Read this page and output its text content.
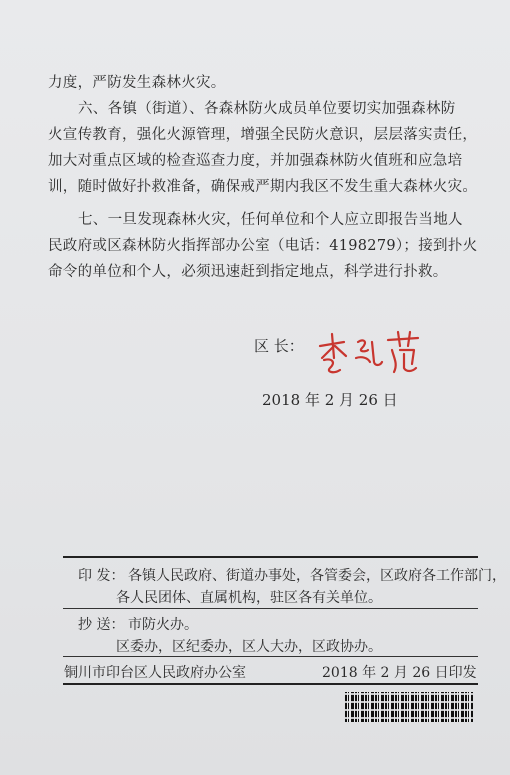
力度，严防发生森林火灾。
六、各镇（街道）、各森林防火成员单位要切实加强森林防
火宣传教育，强化火源管理，增强全民防火意识，层层落实责任，
加大对重点区域的检查巡查力度，并加强森林防火值班和应急培
训，随时做好扑救准备，确保戒严期内我区不发生重大森林火灾。
七、一旦发现森林火灾，任何单位和个人应立即报告当地人
民政府或区森林防火指挥部办公室（电话：4198279）；接到扑火
命令的单位和个人，必须迅速赶到指定地点，科学进行扑救。
区 长：
2018 年 2 月 26 日
印 发： 各镇人民政府、街道办事处，各管委会，区政府各工作部门，
各人民团体、直属机构，驻区各有关单位。
抄 送： 市防火办。
区委办，区纪委办，区人大办，区政协办。
铜川市印台区人民政府办公室	2018 年 2 月 26 日印发
